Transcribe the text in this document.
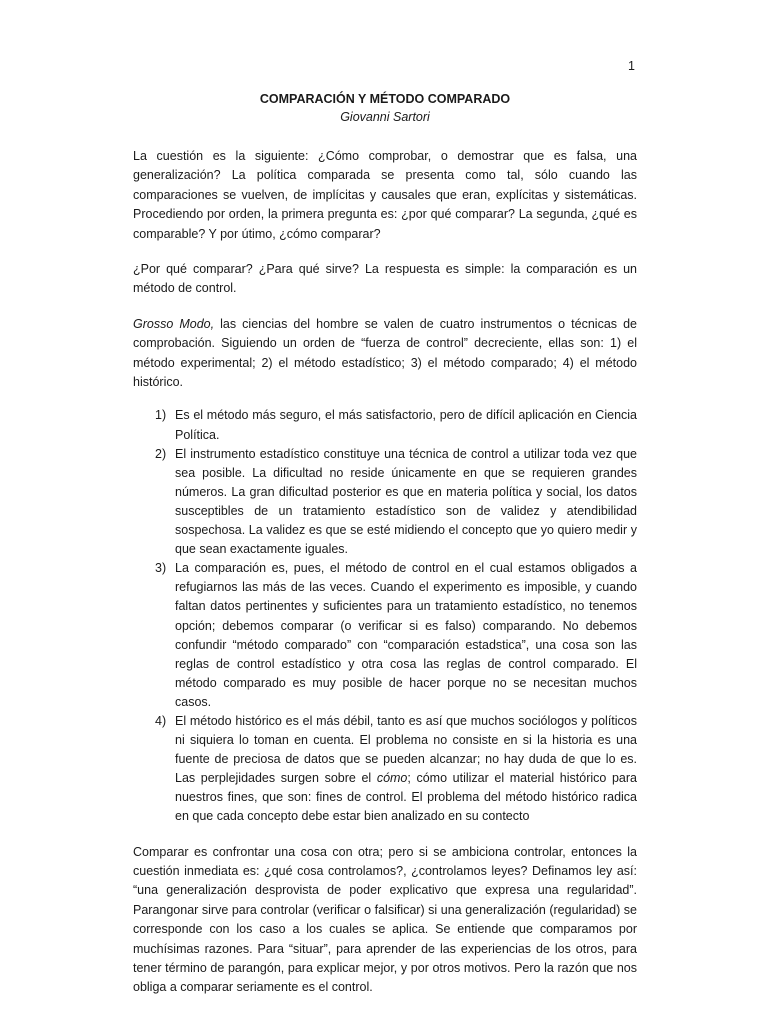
1
COMPARACIÓN Y MÉTODO COMPARADO
Giovanni Sartori

La cuestión es la siguiente: ¿Cómo comprobar, o demostrar que es falsa, una generalización? La política comparada se presenta como tal, sólo cuando las comparaciones se vuelven, de implícitas y causales que eran, explícitas y sistemáticas. Procediendo por orden, la primera pregunta es: ¿por qué comparar? La segunda, ¿qué es comparable? Y por útimo, ¿cómo comparar?

¿Por qué comparar? ¿Para qué sirve? La respuesta es simple: la comparación es un método de control.

Grosso Modo, las ciencias del hombre se valen de cuatro instrumentos o técnicas de comprobación. Siguiendo un orden de “fuerza de control” decreciente, ellas son: 1) el método experimental; 2) el método estadístico; 3) el método comparado; 4) el método histórico.

1) Es el método más seguro, el más satisfactorio, pero de difícil aplicación en Ciencia Política.
2) El instrumento estadístico constituye una técnica de control a utilizar toda vez que sea posible. La dificultad no reside únicamente en que se requieren grandes números. La gran dificultad posterior es que en materia política y social, los datos susceptibles de un tratamiento estadístico son de validez y atendibilidad sospechosa. La validez es que se esté midiendo el concepto que yo quiero medir y que sean exactamente iguales.
3) La comparación es, pues, el método de control en el cual estamos obligados a refugiarnos las más de las veces. Cuando el experimento es imposible, y cuando faltan datos pertinentes y suficientes para un tratamiento estadístico, no tenemos opción; debemos comparar (o verificar si es falso) comparando. No debemos confundir “método comparado” con “comparación estadstica”, una cosa son las reglas de control estadístico y otra cosa las reglas de control comparado. El método comparado es muy posible de hacer porque no se necesitan muchos casos.
4) El método histórico es el más débil, tanto es así que muchos sociólogos y políticos ni siquiera lo toman en cuenta. El problema no consiste en si la historia es una fuente de preciosa de datos que se pueden alcanzar; no hay duda de que lo es. Las perplejidades surgen sobre el cómo; cómo utilizar el material histórico para nuestros fines, que son: fines de control. El problema del método histórico radica en que cada concepto debe estar bien analizado en su contecto

Comparar es confrontar una cosa con otra; pero si se ambiciona controlar, entonces la cuestión inmediata es: ¿qué cosa controlamos?, ¿controlamos leyes? Definamos ley así: “una generalización desprovista de poder explicativo que expresa una regularidad”. Parangonar sirve para controlar (verificar o falsificar) si una generalización (regularidad) se corresponde con los caso a los cuales se aplica. Se entiende que comparamos por muchísimas razones. Para “situar”, para aprender de las experiencias de los otros, para tener término de parangón, para explicar mejor, y por otros motivos. Pero la razón que nos obliga a comparar seriamente es el control.
